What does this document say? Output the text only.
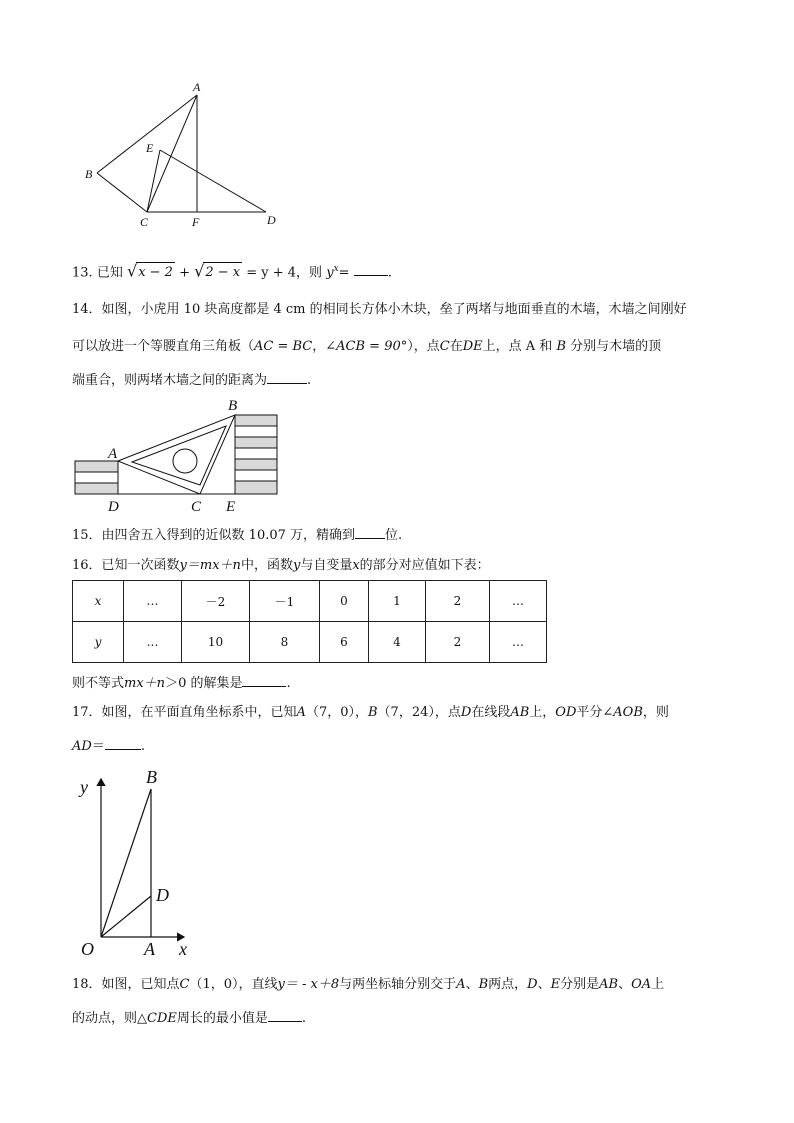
A
B
E
C	F	D
13. 已知 √x − 2 + √2 − x = y + 4，则 $y^x=$	.
14．如图，小虎用 10 块高度都是 4 cm 的相同长方体小木块，垒了两堵与地面垂直的木墙，木墙之间刚好
可以放进一个等腰直角三角板（AC = BC，∠ACB = 90°），点C在DE上，点 A 和 B 分别与木墙的顶
端重合，则两堵木墙之间的距离为	.
A
B
C
D	E
15．由四舍五入得到的近似数 10.07 万，精确到 位.
16．已知一次函数y＝mx＋n中，函数y与自变量x的部分对应值如下表：
x	…	－2	－1	0	1	2	…
y	…	10	8	6	4	2	…
则不等式mx＋n＞0 的解集是	.
17．如图，在平面直角坐标系中，已知A（7，0），B（7，24），点D在线段AB上，OD平分∠AOB，则
AD＝	.
y
x
O	A
B
D
18．如图，已知点C（1，0），直线y＝ - x＋8与两坐标轴分别交于A、B两点，D、E分别是AB、OA上
的动点，则△CDE周长的最小值是	.
